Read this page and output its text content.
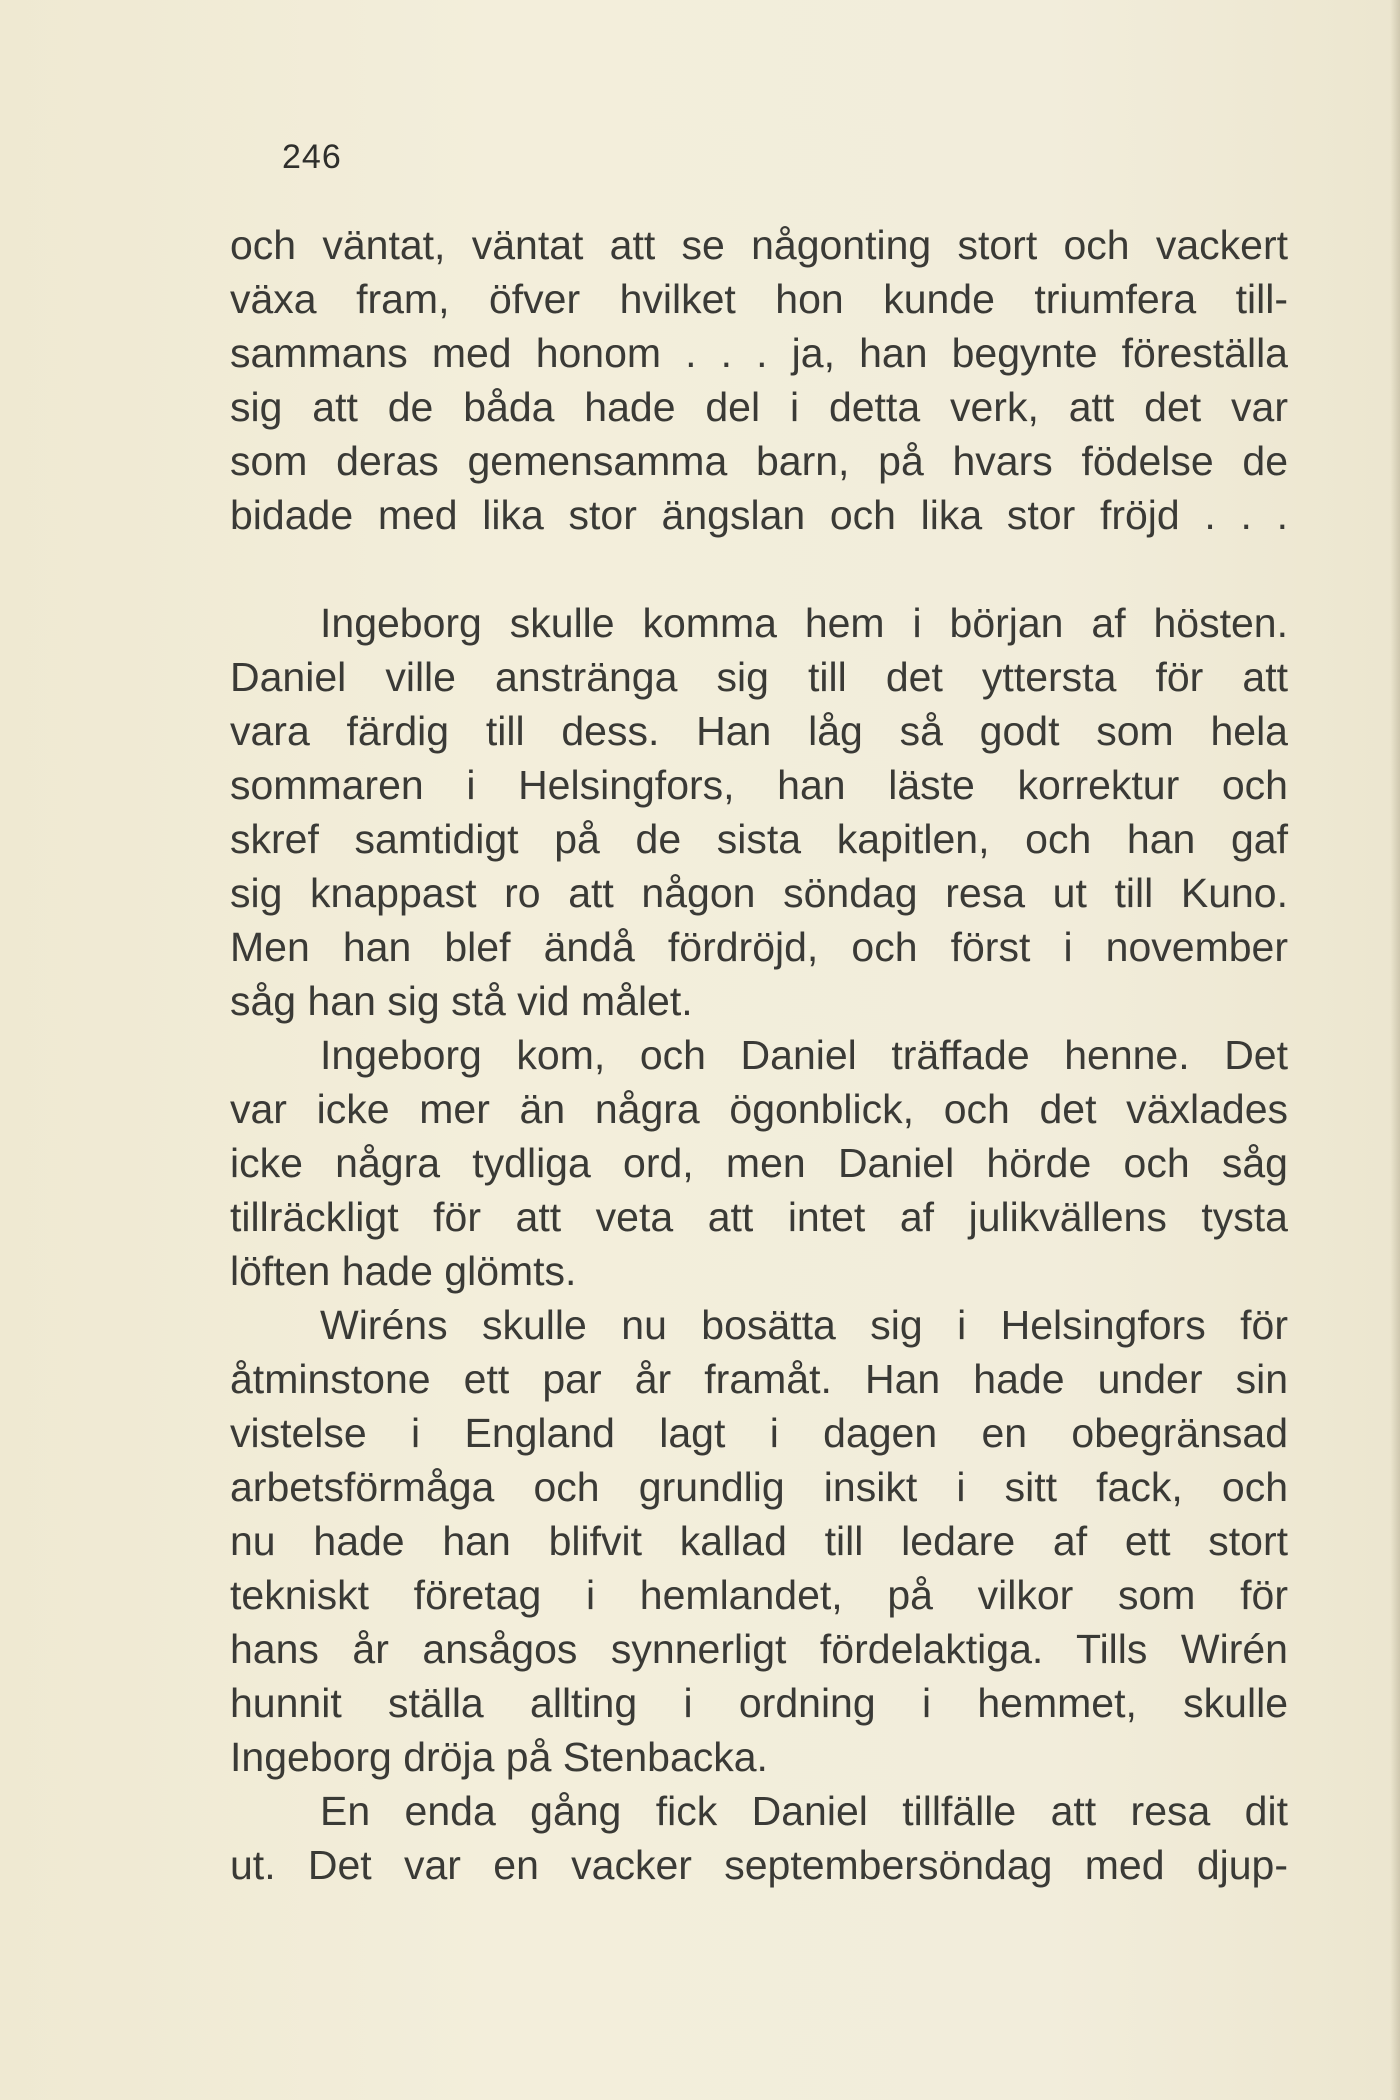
246
och väntat, väntat att se någonting stort och vackert
växa fram, öfver hvilket hon kunde triumfera till-
sammans med honom . . . ja, han begynte föreställa
sig att de båda hade del i detta verk, att det var
som deras gemensamma barn, på hvars födelse de
bidade med lika stor ängslan och lika stor fröjd . . .
Ingeborg skulle komma hem i början af hösten.
Daniel ville anstränga sig till det yttersta för att
vara färdig till dess. Han låg så godt som hela
sommaren i Helsingfors, han läste korrektur och
skref samtidigt på de sista kapitlen, och han gaf
sig knappast ro att någon söndag resa ut till Kuno.
Men han blef ändå fördröjd, och först i november
såg han sig stå vid målet.
Ingeborg kom, och Daniel träffade henne. Det
var icke mer än några ögonblick, och det växlades
icke några tydliga ord, men Daniel hörde och såg
tillräckligt för att veta att intet af julikvällens tysta
löften hade glömts.
Wiréns skulle nu bosätta sig i Helsingfors för
åtminstone ett par år framåt. Han hade under sin
vistelse i England lagt i dagen en obegränsad
arbetsförmåga och grundlig insikt i sitt fack, och
nu hade han blifvit kallad till ledare af ett stort
tekniskt företag i hemlandet, på vilkor som för
hans år ansågos synnerligt fördelaktiga. Tills Wirén
hunnit ställa allting i ordning i hemmet, skulle
Ingeborg dröja på Stenbacka.
En enda gång fick Daniel tillfälle att resa dit
ut. Det var en vacker septembersöndag med djup-
